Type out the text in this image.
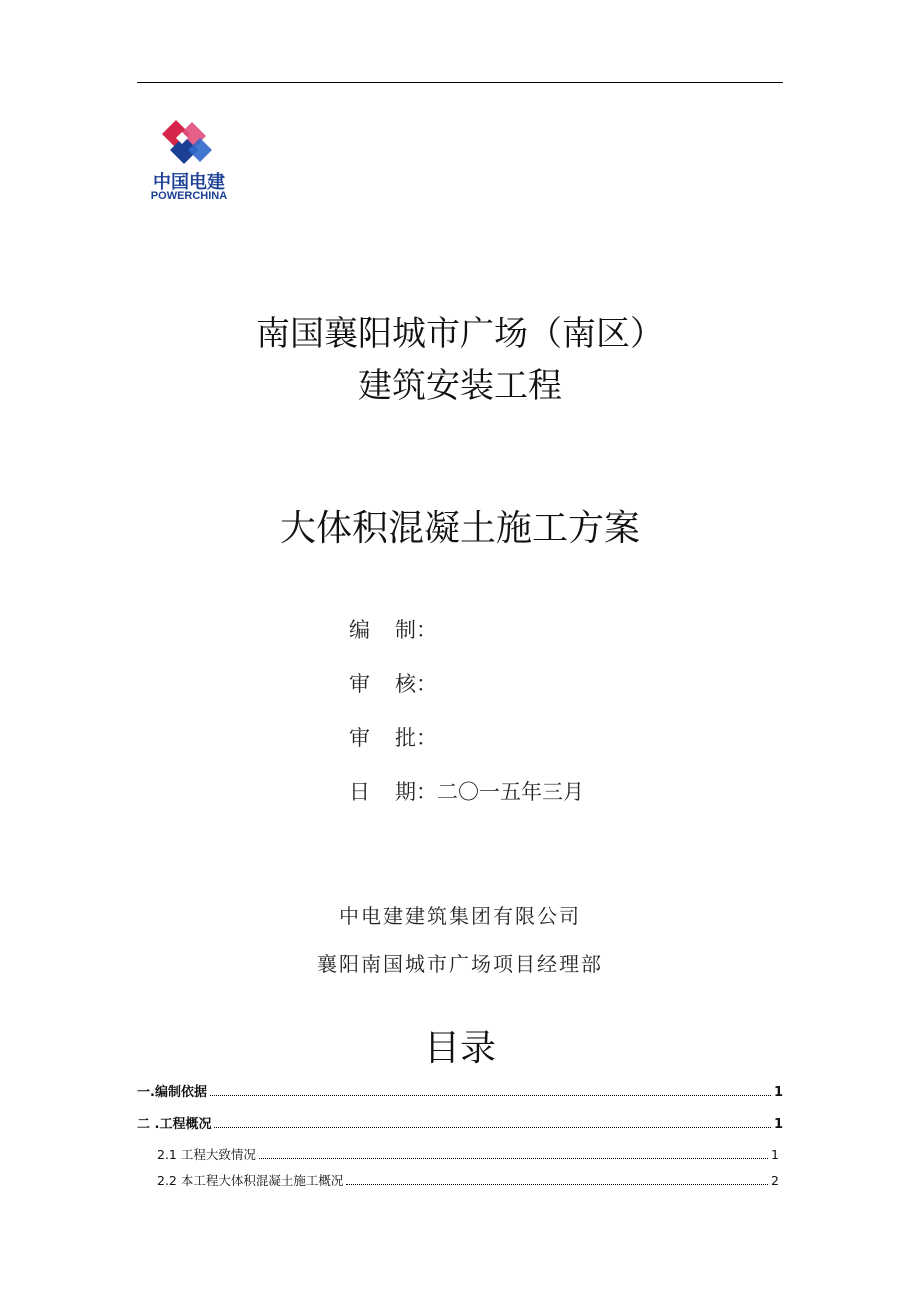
中国电建
POWERCHINA
南国襄阳城市广场（南区）
建筑安装工程
大体积混凝土施工方案
编 制：
审 核：
审 批：
日 期：二〇一五年三月
中电建建筑集团有限公司
襄阳南国城市广场项目经理部
目录
一.编制依据	1
二 .工程概况	1
2.1 工程大致情况	1
2.2 本工程大体积混凝土施工概况	2
